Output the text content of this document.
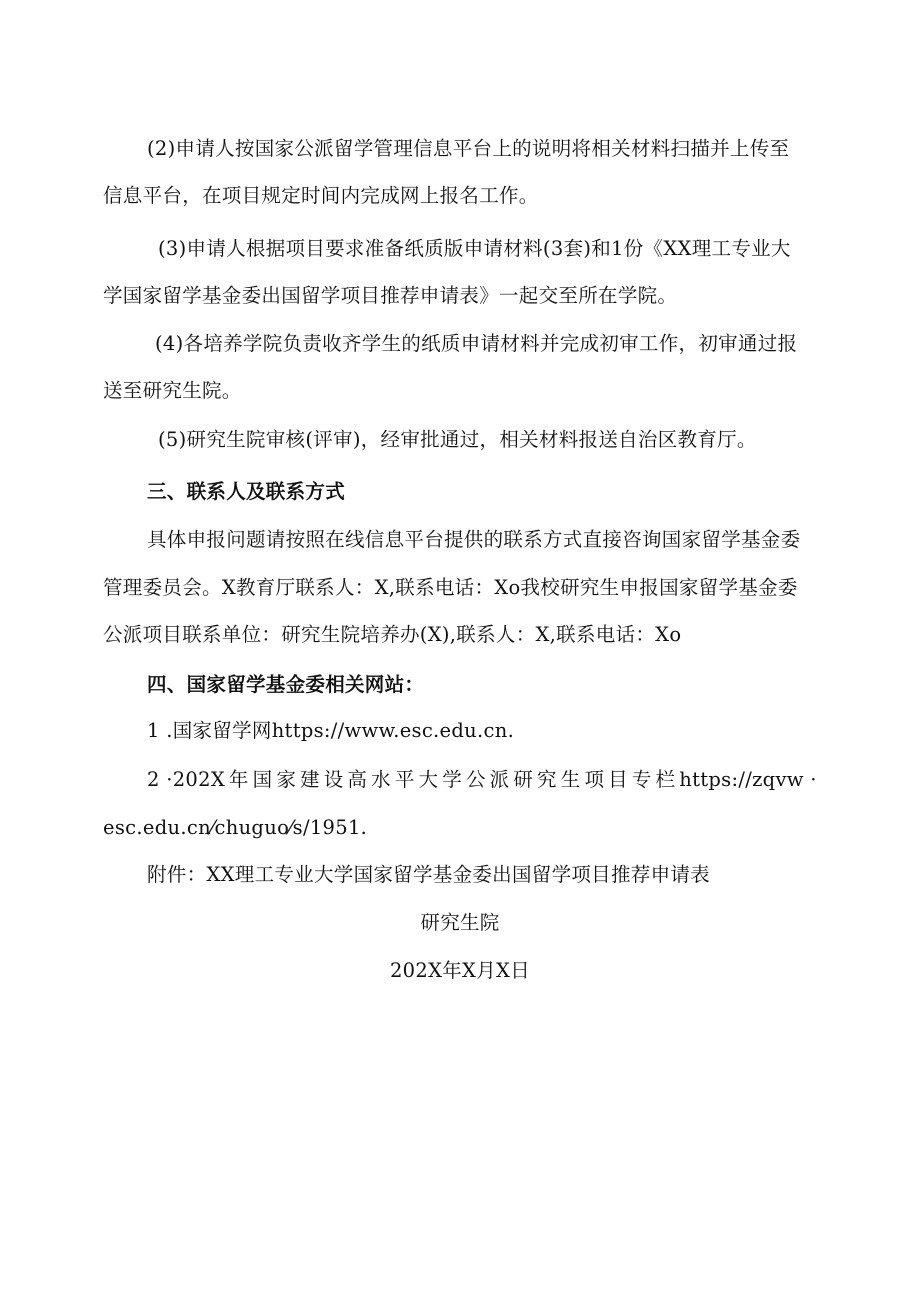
(2)申请人按国家公派留学管理信息平台上的说明将相关材料扫描并上传至
信息平台，在项目规定时间内完成网上报名工作。
(3)申请人根据项目要求准备纸质版申请材料(3套)和1份《XX理工专业大
学国家留学基金委出国留学项目推荐申请表》一起交至所在学院。
(4)各培养学院负责收齐学生的纸质申请材料并完成初审工作，初审通过报
送至研究生院。
(5)研究生院审核(评审)，经审批通过，相关材料报送自治区教育厅。
三、联系人及联系方式
具体申报问题请按照在线信息平台提供的联系方式直接咨询国家留学基金委
管理委员会。X教育厅联系人：X,联系电话：Xo我校研究生申报国家留学基金委
公派项目联系单位：研究生院培养办(X),联系人：X,联系电话：Xo
四、国家留学基金委相关网站：
1 .国家留学网https://www.esc.edu.cn.
2 ·202X 年 国 家 建 设 高 水 平 大 学 公 派 研 究 生 项 目 专 栏 https://zqvw ·
esc.edu.cn⁄chuguo⁄s/1951.
附件：XX理工专业大学国家留学基金委出国留学项目推荐申请表
研究生院
202X年X月X日
